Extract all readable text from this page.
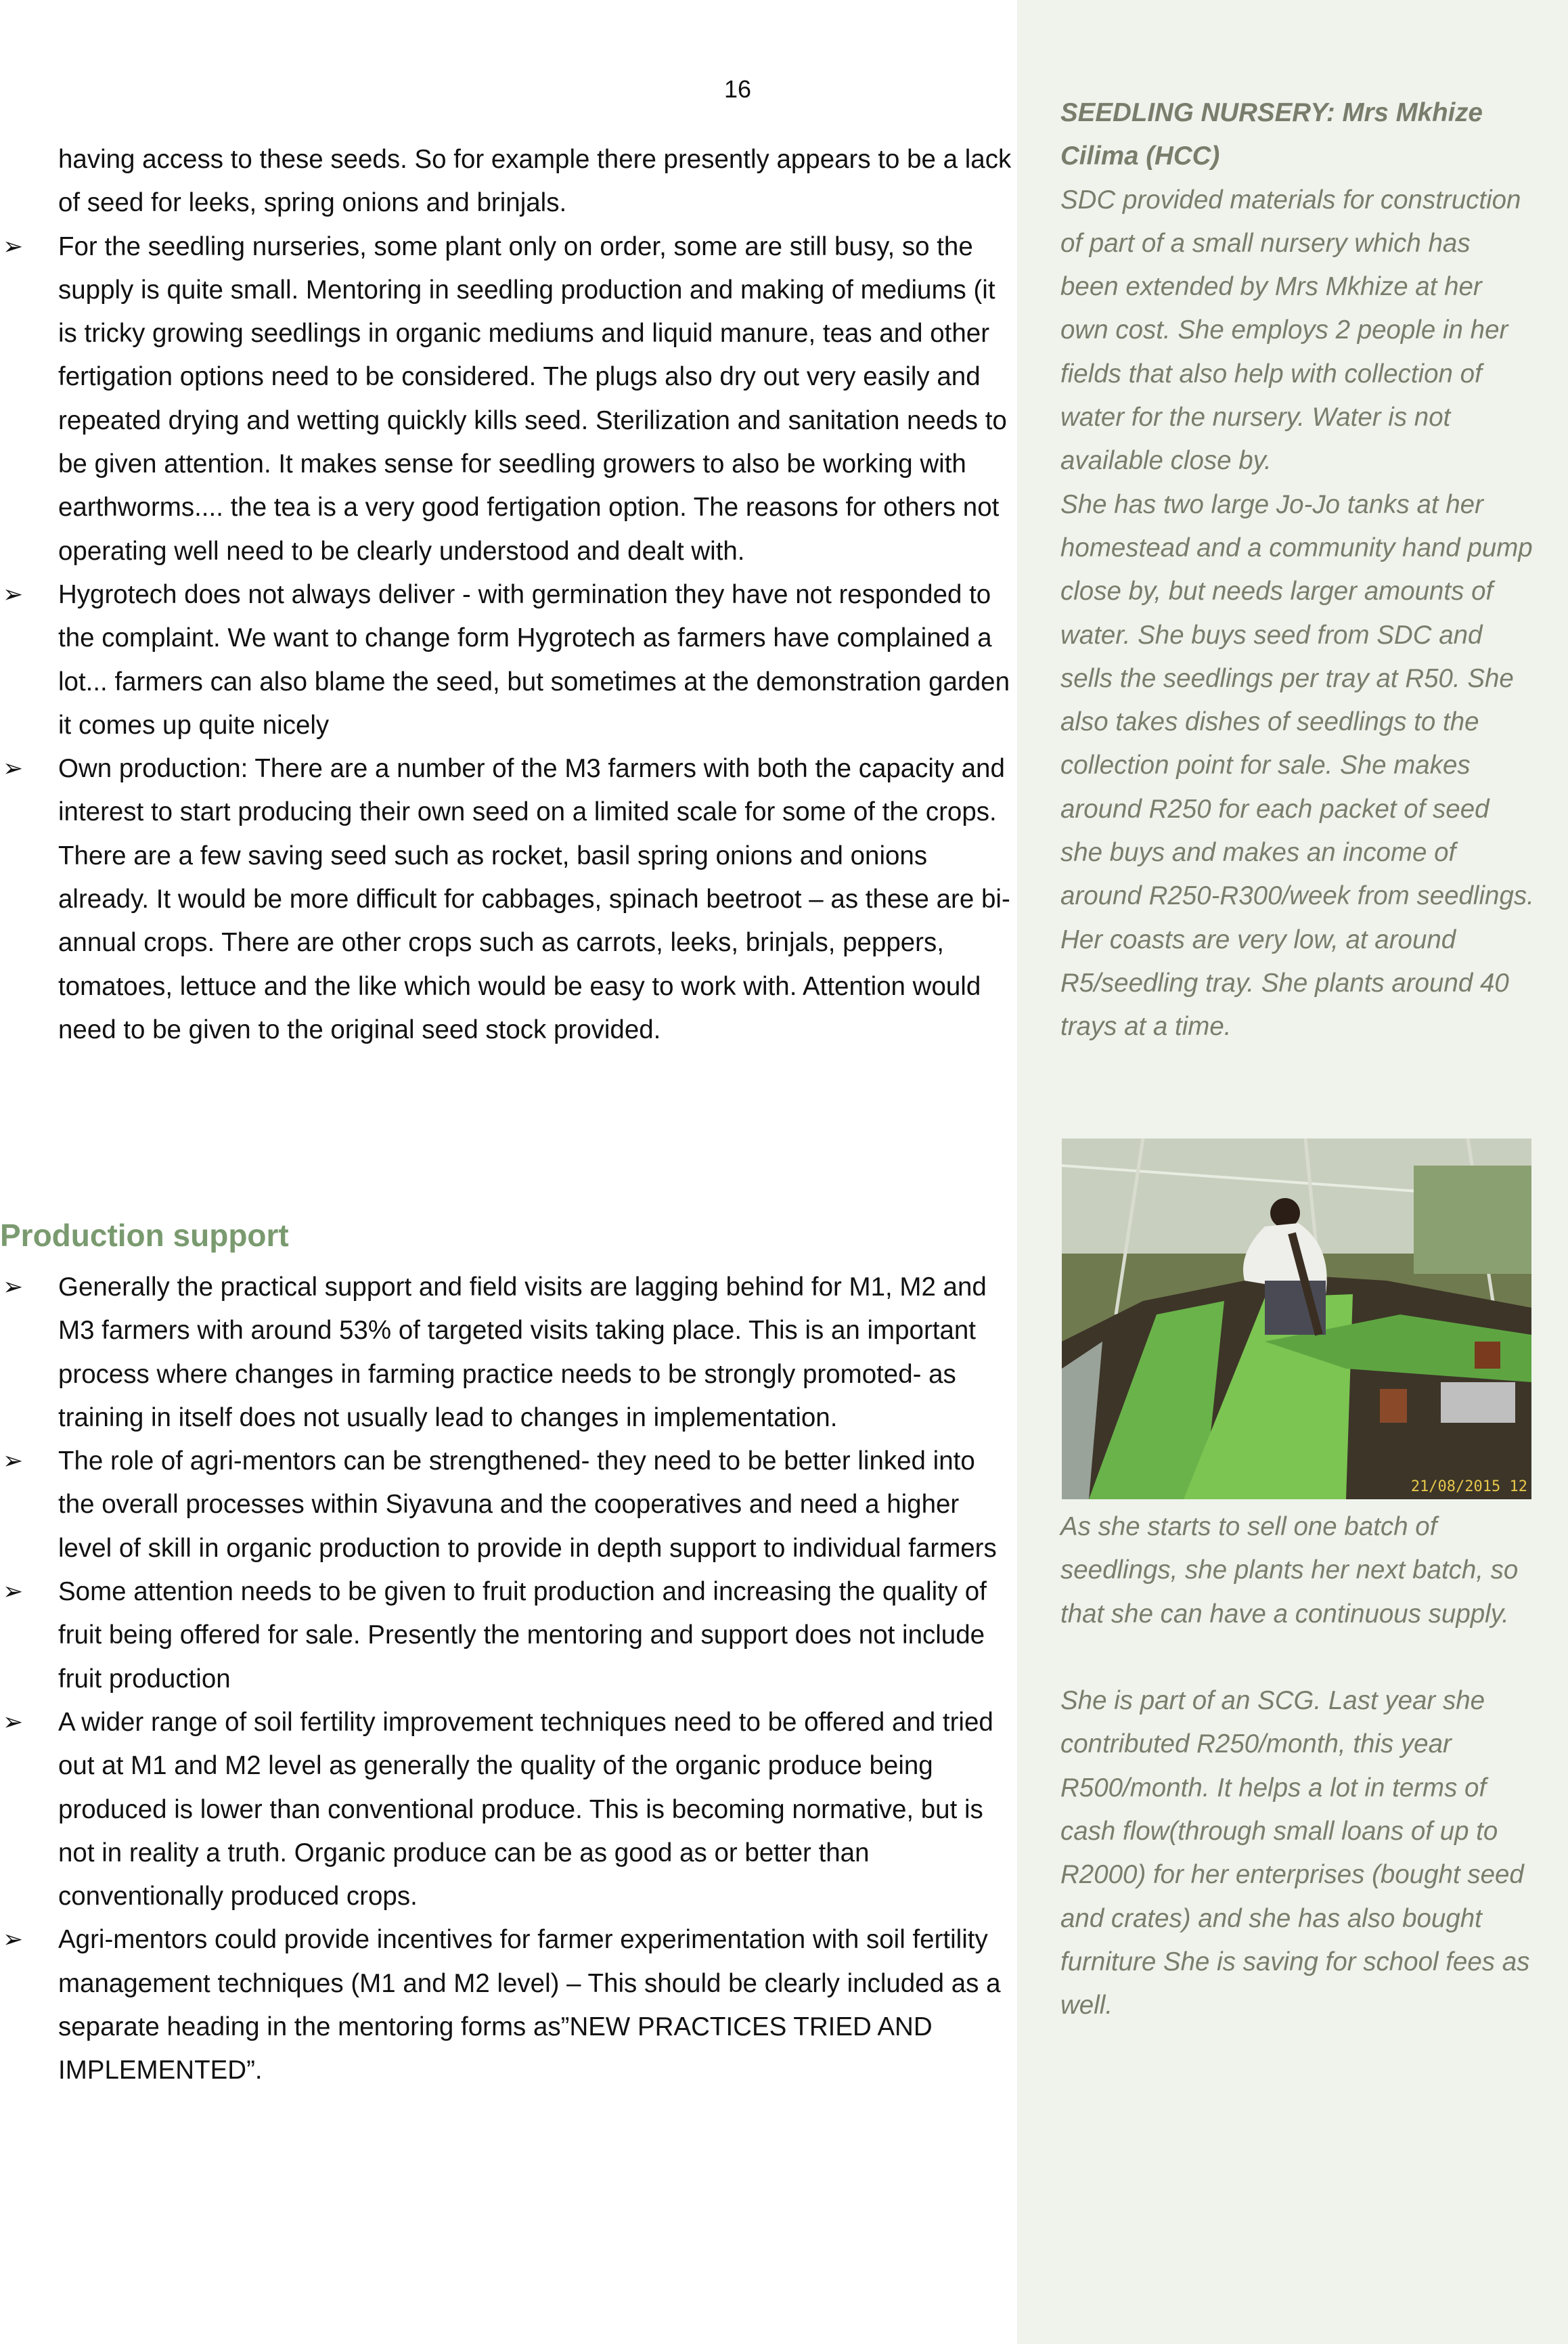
16
having access to these seeds. So for example there presently appears to be a lack of seed for leeks, spring onions and brinjals.
➢ For the seedling nurseries, some plant only on order, some are still busy, so the supply is quite small. Mentoring in seedling production and making of mediums (it is tricky growing seedlings in organic mediums and liquid manure, teas and other fertigation options need to be considered. The plugs also dry out very easily and repeated drying and wetting quickly kills seed. Sterilization and sanitation needs to be given attention. It makes sense for seedling growers to also be working with earthworms.... the tea is a very good fertigation option. The reasons for others not operating well need to be clearly understood and dealt with.
➢ Hygrotech does not always deliver - with germination they have not responded to the complaint. We want to change form Hygrotech as farmers have complained a lot... farmers can also blame the seed, but sometimes at the demonstration garden it comes up quite nicely
➢ Own production: There are a number of the M3 farmers with both the capacity and interest to start producing their own seed on a limited scale for some of the crops. There are a few saving seed such as rocket, basil spring onions and onions already. It would be more difficult for cabbages, spinach beetroot – as these are bi-annual crops. There are other crops such as carrots, leeks, brinjals, peppers, tomatoes, lettuce and the like which would be easy to work with. Attention would need to be given to the original seed stock provided.
Production support
➢ Generally the practical support and field visits are lagging behind for M1, M2 and M3 farmers with around 53% of targeted visits taking place. This is an important process where changes in farming practice needs to be strongly promoted- as training in itself does not usually lead to changes in implementation.
➢ The role of agri-mentors can be strengthened- they need to be better linked into the overall processes within Siyavuna and the cooperatives and need a higher level of skill in organic production to provide in depth support to individual farmers
➢ Some attention needs to be given to fruit production and increasing the quality of fruit being offered for sale. Presently the mentoring and support does not include fruit production
➢ A wider range of soil fertility improvement techniques need to be offered and tried out at M1 and M2 level as generally the quality of the organic produce being produced is lower than conventional produce. This is becoming normative, but is not in reality a truth. Organic produce can be as good as or better than conventionally produced crops.
➢ Agri-mentors could provide incentives for farmer experimentation with soil fertility management techniques (M1 and M2 level) – This should be clearly included as a separate heading in the mentoring forms as”NEW PRACTICES TRIED AND IMPLEMENTED”.

SEEDLING NURSERY: Mrs Mkhize Cilima (HCC)
SDC provided materials for construction of part of a small nursery which has been extended by Mrs Mkhize at her own cost. She employs 2 people in her fields that also help with collection of water for the nursery. Water is not available close by.
She has two large Jo-Jo tanks at her homestead and a community hand pump close by, but needs larger amounts of water. She buys seed from SDC and sells the seedlings per tray at R50. She also takes dishes of seedlings to the collection point for sale. She makes around R250 for each packet of seed she buys and makes an income of around R250-R300/week from seedlings.
Her coasts are very low, at around R5/seedling tray. She plants around 40 trays at a time.

21/08/2015 12

As she starts to sell one batch of seedlings, she plants her next batch, so that she can have a continuous supply.

She is part of an SCG. Last year she contributed R250/month, this year R500/month. It helps a lot in terms of cash flow(through small loans of up to R2000) for her enterprises (bought seed and crates) and she has also bought furniture She is saving for school fees as well.
